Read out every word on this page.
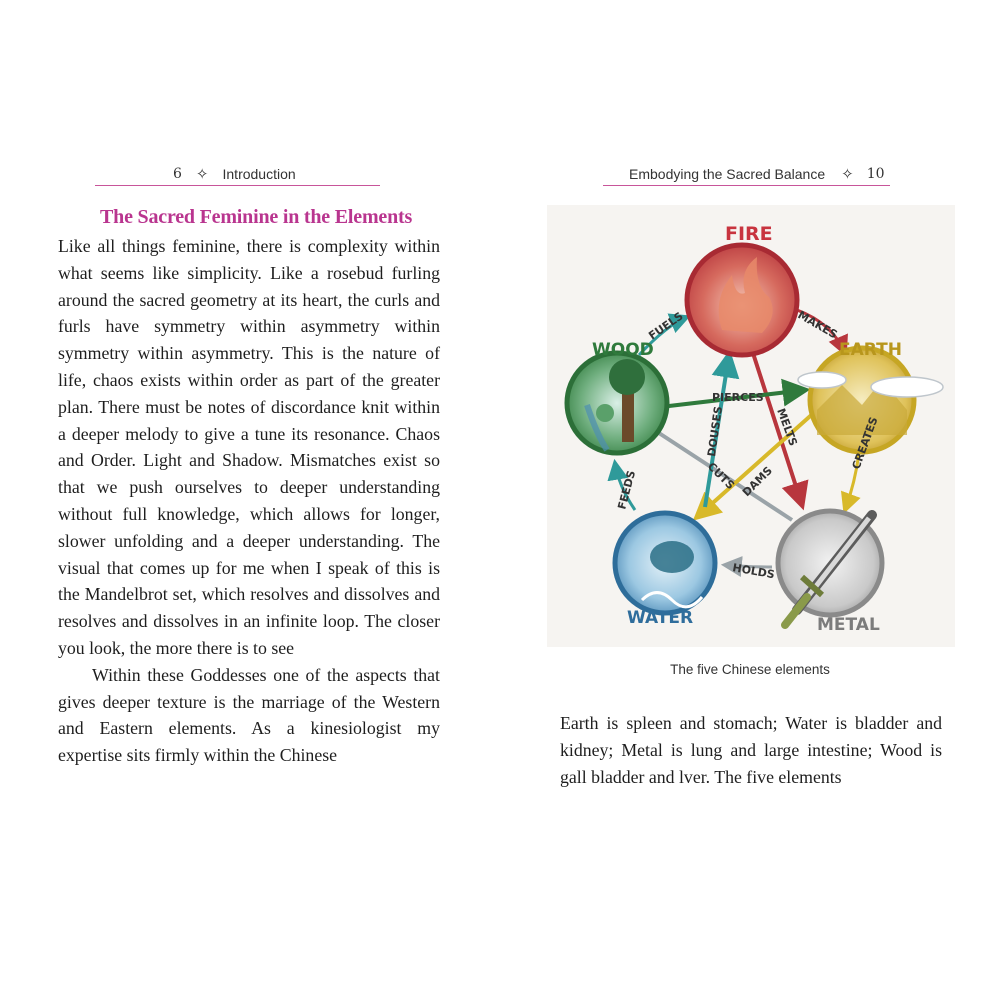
6 ✧ Introduction
The Sacred Feminine in the Elements

Like all things feminine, there is complexity within what seems like simplicity. Like a rosebud furling around the sacred geometry at its heart, the curls and furls have symmetry within asymmetry within symmetry within asymmetry. This is the nature of life, chaos exists within order as part of the greater plan. There must be notes of discordance knit within a deeper melody to give a tune its resonance. Chaos and Order. Light and Shadow. Mismatches exist so that we push ourselves to deeper understanding without full knowledge, which allows for longer, slower unfolding and a deeper understanding. The visual that comes up for me when I speak of this is the Mandelbrot set, which resolves and dissolves and resolves and dissolves in an infinite loop. The closer you look, the more there is to see

Within these Goddesses one of the aspects that gives deeper texture is the marriage of the Western and Eastern elements. As a kinesiologist my expertise sits firmly within the Chinese

Embodying the Sacred Balance ✧ 10
FIRE
EARTH
METAL
WATER
WOOD
FUELS	MAKES
CREATES
HOLDS
FEEDS
PIERCES
MELTS
DOUSES
CUTS DAMS
The five Chinese elements

Earth is spleen and stomach; Water is bladder and kidney; Metal is lung and large intestine; Wood is gall bladder and lver. The five elements
